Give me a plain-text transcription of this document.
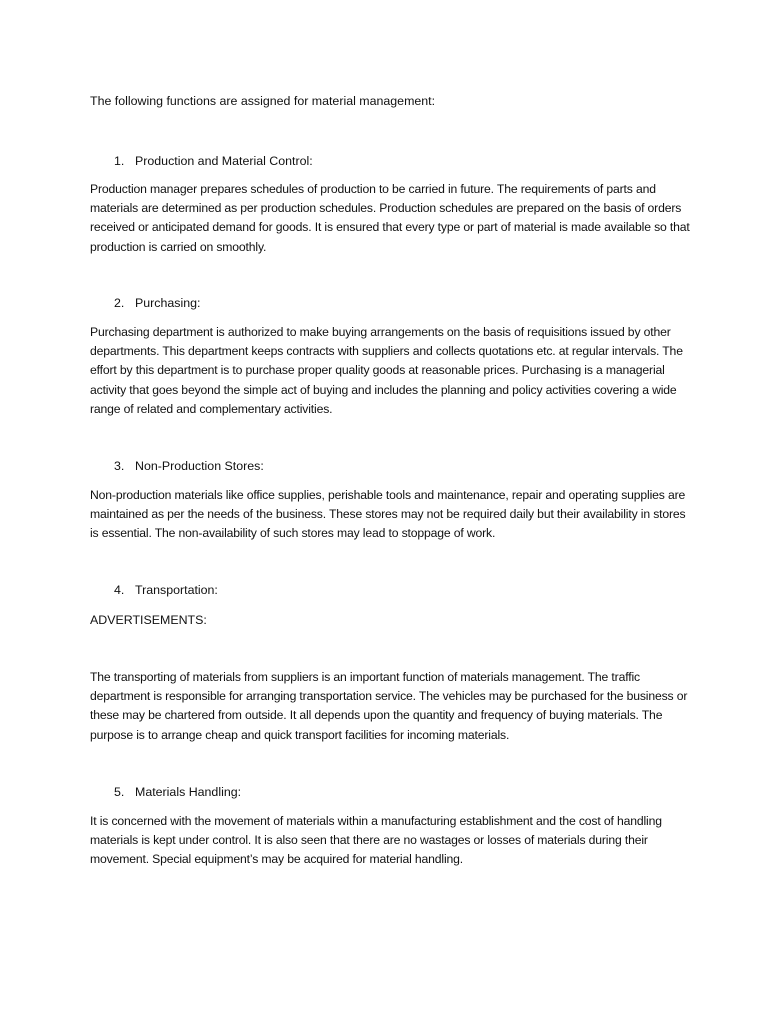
The following functions are assigned for material management:

1. Production and Material Control:

Production manager prepares schedules of production to be carried in future. The requirements of parts and materials are determined as per production schedules. Production schedules are prepared on the basis of orders received or anticipated demand for goods. It is ensured that every type or part of material is made available so that production is carried on smoothly.

2. Purchasing:

Purchasing department is authorized to make buying arrangements on the basis of requisitions issued by other departments. This department keeps contracts with suppliers and collects quotations etc. at regular intervals. The effort by this department is to purchase proper quality goods at reasonable prices. Purchasing is a managerial activity that goes beyond the simple act of buying and includes the planning and policy activities covering a wide range of related and complementary activities.

3. Non-Production Stores:

Non-production materials like office supplies, perishable tools and maintenance, repair and operating supplies are maintained as per the needs of the business. These stores may not be required daily but their availability in stores is essential. The non-availability of such stores may lead to stoppage of work.

4. Transportation:

ADVERTISEMENTS:

The transporting of materials from suppliers is an important function of materials management. The traffic department is responsible for arranging transportation service. The vehicles may be purchased for the business or these may be chartered from outside. It all depends upon the quantity and frequency of buying materials. The purpose is to arrange cheap and quick transport facilities for incoming materials.

5. Materials Handling:

It is concerned with the movement of materials within a manufacturing establishment and the cost of handling materials is kept under control. It is also seen that there are no wastages or losses of materials during their movement. Special equipment’s may be acquired for material handling.
